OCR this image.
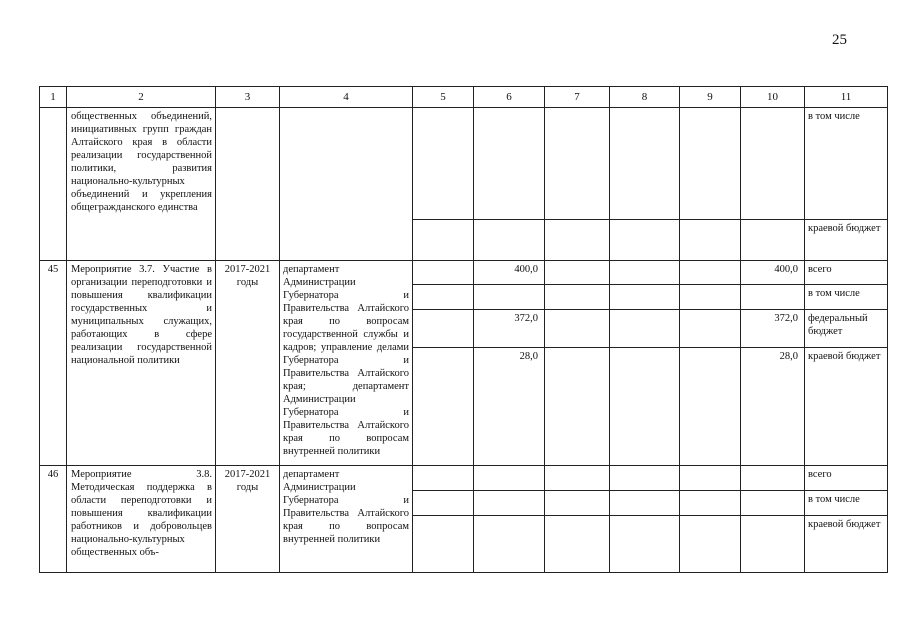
25
1	2	3	4	5	6	7	8	9	10	11
	общественных объединений, инициативных групп граждан Алтайского края в области реализации государственной политики, развития национально-культурных объединений и укрепления общегражданского единства									в том числе
										краевой бюджет
45	Мероприятие 3.7. Участие в организации переподготовки и повышения квалификации государственных и муниципальных служащих, работающих в сфере реализации государственной национальной политики	2017-2021 годы	департамент Администрации Губернатора и Правительства Алтайского края по вопросам государственной службы и кадров; управление делами Губернатора и Правительства Алтайского края; департамент Администрации Губернатора и Правительства Алтайского края по вопросам внутренней политики		400,0				400,0	всего
										в том числе
					372,0				372,0	федеральный бюджет
					28,0				28,0	краевой бюджет
46	Мероприятие 3.8. Методическая поддержка в области переподготовки и повышения квалификации работников и добровольцев национально-культурных общественных объ-	2017-2021 годы	департамент Администрации Губернатора и Правительства Алтайского края по вопросам внутренней политики							всего
										в том числе
										краевой бюджет
